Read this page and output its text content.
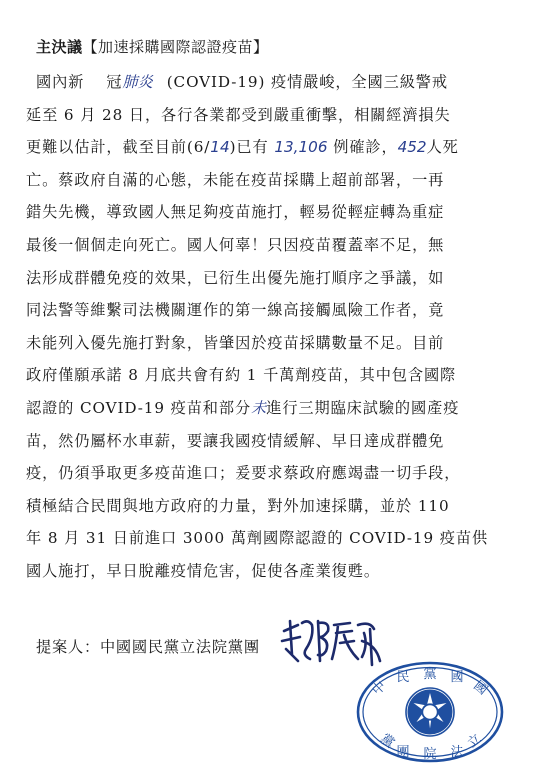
主決議【加速採購國際認證疫苗】
國內新 冠肺炎 (COVID-19) 疫情嚴峻，全國三級警戒
延至 6 月 28 日，各行各業都受到嚴重衝擊，相關經濟損失
更難以估計，截至目前(6/14)已有 13,106 例確診，452人死
亡。蔡政府自滿的心態，未能在疫苗採購上超前部署，一再
錯失先機，導致國人無足夠疫苗施打，輕易從輕症轉為重症
最後一個個走向死亡。國人何辜！只因疫苗覆蓋率不足，無
法形成群體免疫的效果，已衍生出優先施打順序之爭議，如
同法警等維繫司法機關運作的第一線高接觸風險工作者，竟
未能列入優先施打對象，皆肇因於疫苗採購數量不足。目前
政府僅願承諾 8 月底共會有約 1 千萬劑疫苗，其中包含國際
認證的 COVID-19 疫苗和部分未進行三期臨床試驗的國產疫
苗，然仍屬杯水車薪，要讓我國疫情緩解、早日達成群體免
疫，仍須爭取更多疫苗進口；爰要求蔡政府應竭盡一切手段，
積極結合民間與地方政府的力量，對外加速採購，並於 110
年 8 月 31 日前進口 3000 萬劑國際認證的 COVID-19 疫苗供
國人施打，早日脫離疫情危害，促使各產業復甦。
提案人：中國國民黨立法院黨團
黨
民	國
中	國
團 院 法
黨	立
